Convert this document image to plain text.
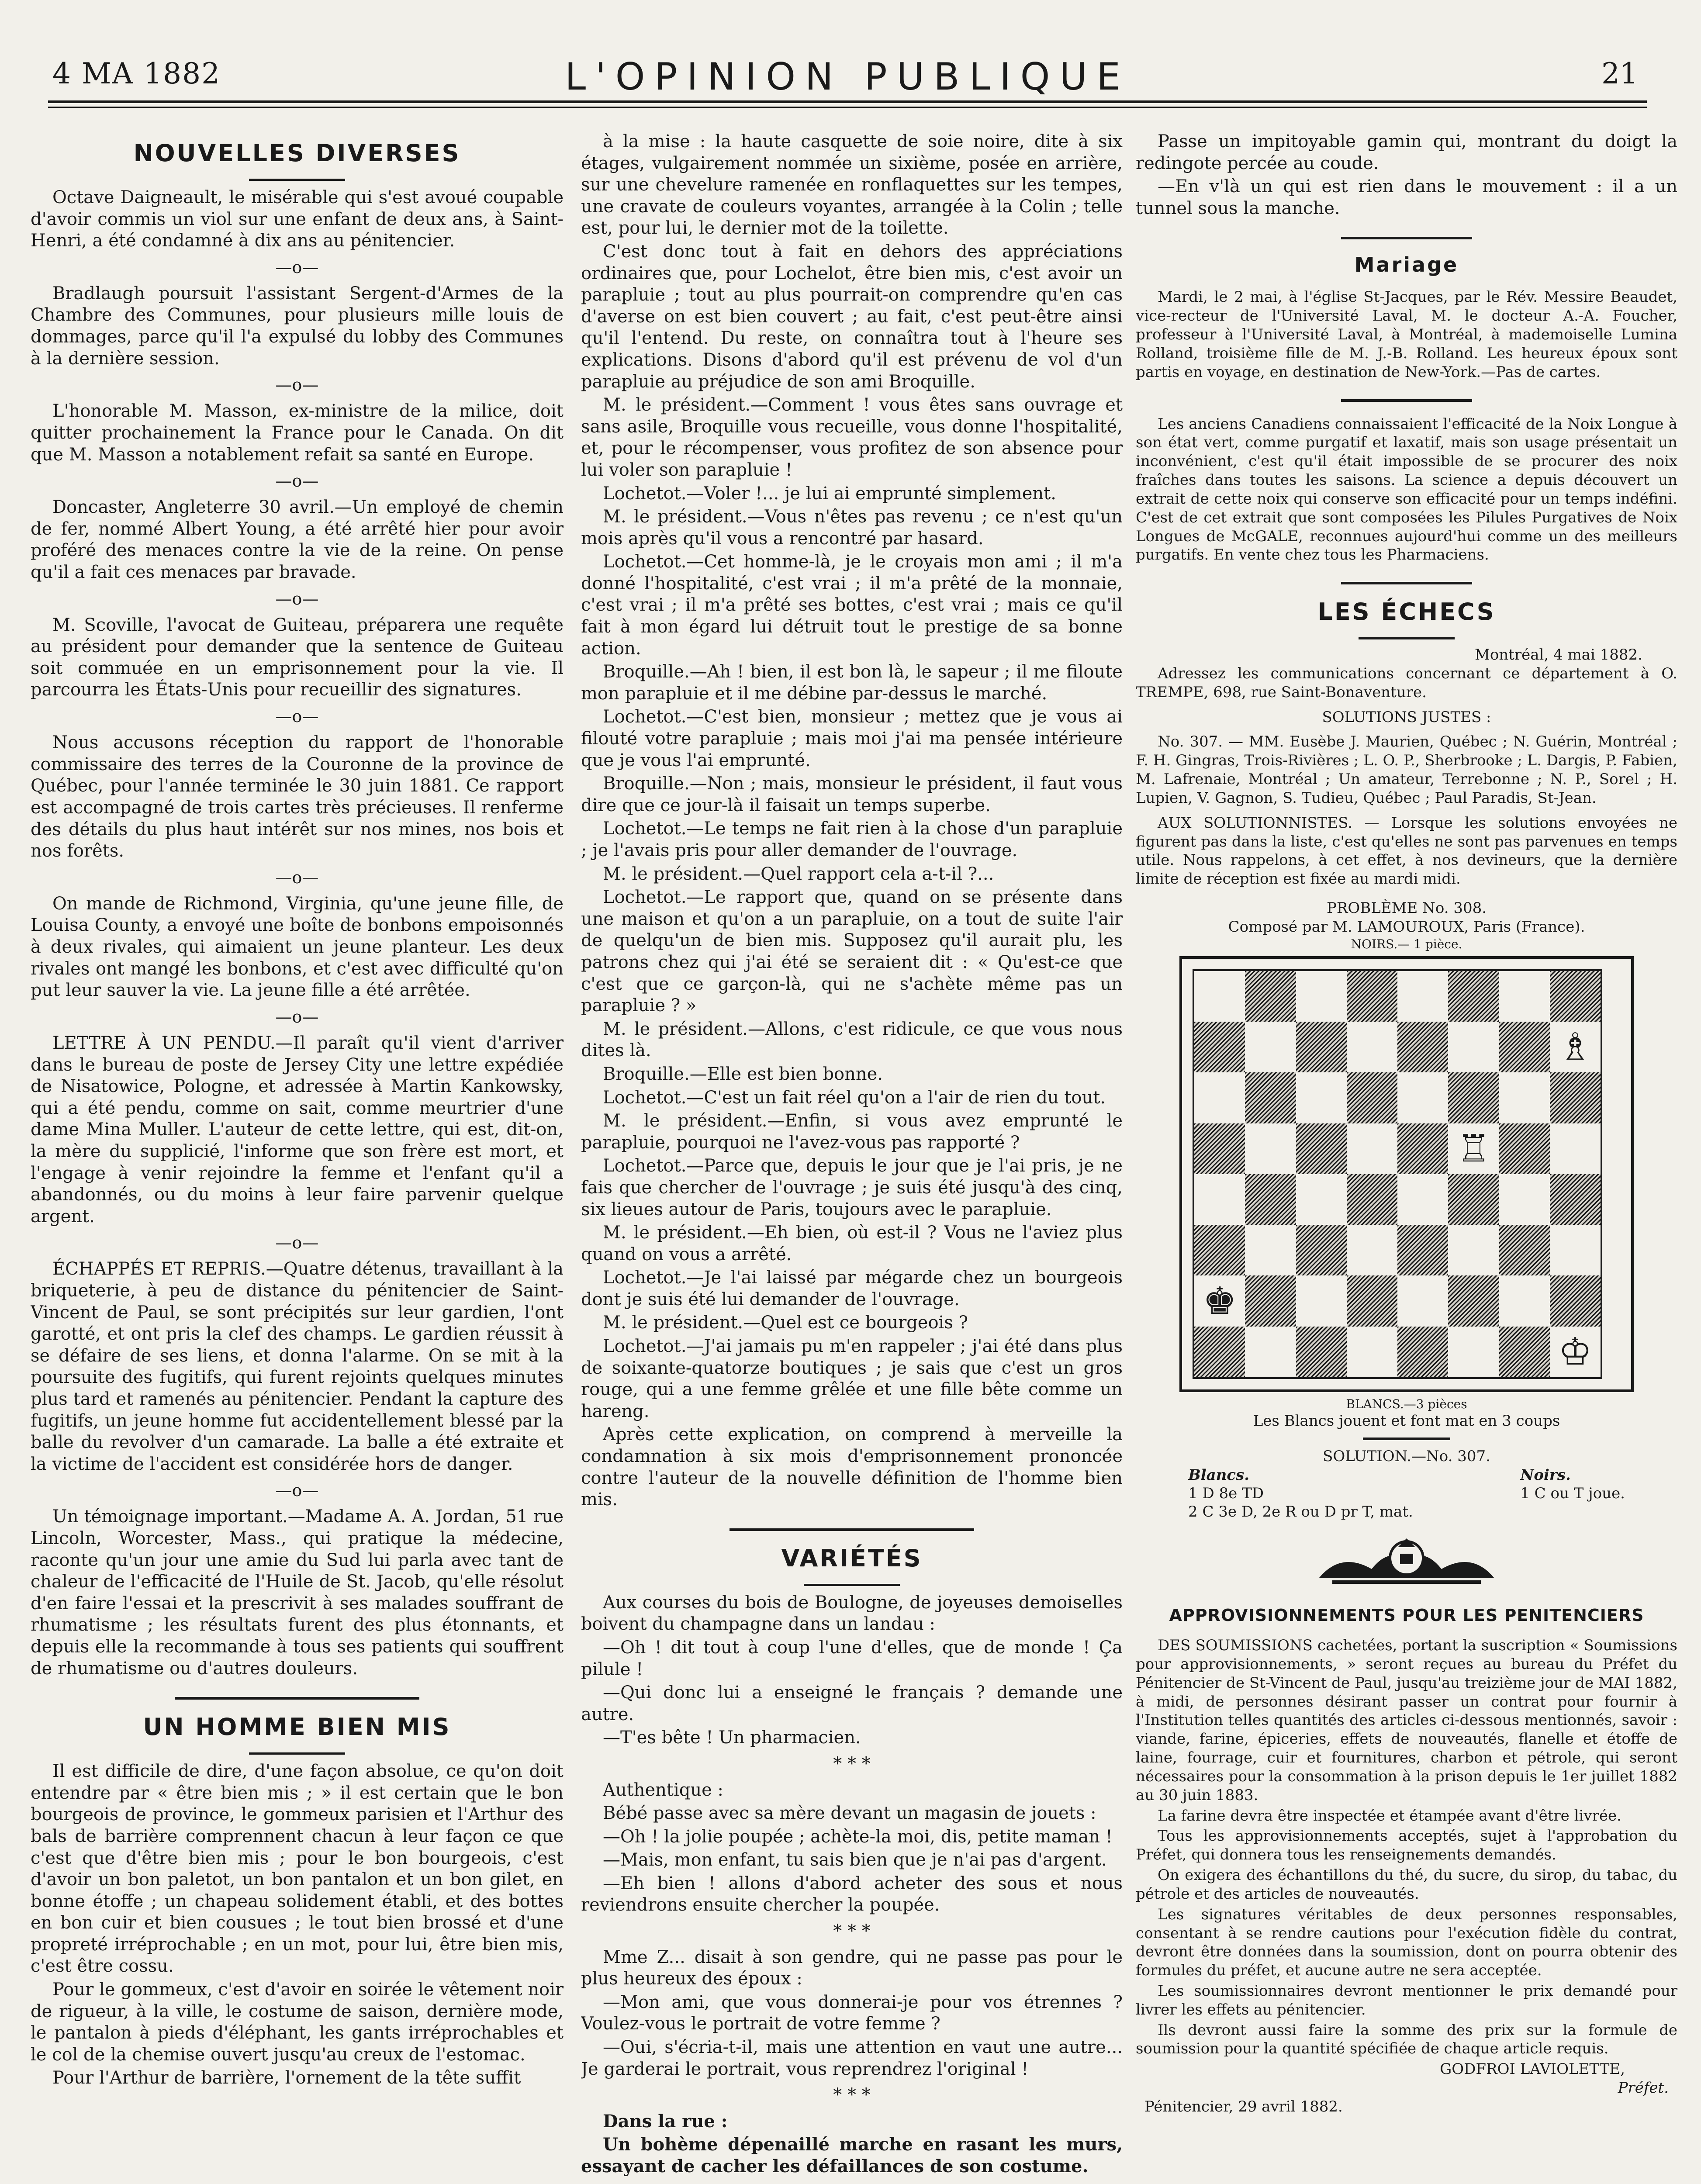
4 MA 1882	L'OPINION PUBLIQUE	21
NOUVELLES DIVERSES

Octave Daigneault, le misérable qui s'est avoué coupable d'avoir commis un viol sur une enfant de deux ans, à Saint-Henri, a été condamné à dix ans au pénitencier.

—o—

Bradlaugh poursuit l'assistant Sergent-d'Armes de la Chambre des Communes, pour plusieurs mille louis de dommages, parce qu'il l'a expulsé du lobby des Communes à la dernière session.

—o—

L'honorable M. Masson, ex-ministre de la milice, doit quitter prochainement la France pour le Canada. On dit que M. Masson a notablement refait sa santé en Europe.

—o—

Doncaster, Angleterre 30 avril.—Un employé de chemin de fer, nommé Albert Young, a été arrêté hier pour avoir proféré des menaces contre la vie de la reine. On pense qu'il a fait ces menaces par bravade.

—o—

M. Scoville, l'avocat de Guiteau, préparera une requête au président pour demander que la sentence de Guiteau soit commuée en un emprisonnement pour la vie. Il parcourra les États-Unis pour recueillir des signatures.

—o—

Nous accusons réception du rapport de l'honorable commissaire des terres de la Couronne de la province de Québec, pour l'année terminée le 30 juin 1881. Ce rapport est accompagné de trois cartes très précieuses. Il renferme des détails du plus haut intérêt sur nos mines, nos bois et nos forêts.

—o—

On mande de Richmond, Virginia, qu'une jeune fille, de Louisa County, a envoyé une boîte de bonbons empoisonnés à deux rivales, qui aimaient un jeune planteur. Les deux rivales ont mangé les bonbons, et c'est avec difficulté qu'on put leur sauver la vie. La jeune fille a été arrêtée.

—o—

LETTRE À UN PENDU.—Il paraît qu'il vient d'arriver dans le bureau de poste de Jersey City une lettre expédiée de Nisatowice, Pologne, et adressée à Martin Kankowsky, qui a été pendu, comme on sait, comme meurtrier d'une dame Mina Muller. L'auteur de cette lettre, qui est, dit-on, la mère du supplicié, l'informe que son frère est mort, et l'engage à venir rejoindre la femme et l'enfant qu'il a abandonnés, ou du moins à leur faire parvenir quelque argent.

—o—

ÉCHAPPÉS ET REPRIS.—Quatre détenus, travaillant à la briqueterie, à peu de distance du pénitencier de Saint-Vincent de Paul, se sont précipités sur leur gardien, l'ont garotté, et ont pris la clef des champs. Le gardien réussit à se défaire de ses liens, et donna l'alarme. On se mit à la poursuite des fugitifs, qui furent rejoints quelques minutes plus tard et ramenés au pénitencier. Pendant la capture des fugitifs, un jeune homme fut accidentellement blessé par la balle du revolver d'un camarade. La balle a été extraite et la victime de l'accident est considérée hors de danger.

—o—

Un témoignage important.—Madame A. A. Jordan, 51 rue Lincoln, Worcester, Mass., qui pratique la médecine, raconte qu'un jour une amie du Sud lui parla avec tant de chaleur de l'efficacité de l'Huile de St. Jacob, qu'elle résolut d'en faire l'essai et la prescrivit à ses malades souffrant de rhumatisme ; les résultats furent des plus étonnants, et depuis elle la recommande à tous ses patients qui souffrent de rhumatisme ou d'autres douleurs.

UN HOMME BIEN MIS

Il est difficile de dire, d'une façon absolue, ce qu'on doit entendre par « être bien mis ; » il est certain que le bon bourgeois de province, le gommeux parisien et l'Arthur des bals de barrière comprennent chacun à leur façon ce que c'est que d'être bien mis ; pour le bon bourgeois, c'est d'avoir un bon paletot, un bon pantalon et un bon gilet, en bonne étoffe ; un chapeau solidement établi, et des bottes en bon cuir et bien cousues ; le tout bien brossé et d'une propreté irréprochable ; en un mot, pour lui, être bien mis, c'est être cossu.

Pour le gommeux, c'est d'avoir en soirée le vêtement noir de rigueur, à la ville, le costume de saison, dernière mode, le pantalon à pieds d'éléphant, les gants irréprochables et le col de la chemise ouvert jusqu'au creux de l'estomac.

Pour l'Arthur de barrière, l'ornement de la tête suffit

à la mise : la haute casquette de soie noire, dite à six étages, vulgairement nommée un sixième, posée en arrière, sur une chevelure ramenée en ronflaquettes sur les tempes, une cravate de couleurs voyantes, arrangée à la Colin ; telle est, pour lui, le dernier mot de la toilette.

C'est donc tout à fait en dehors des appréciations ordinaires que, pour Lochelot, être bien mis, c'est avoir un parapluie ; tout au plus pourrait-on comprendre qu'en cas d'averse on est bien couvert ; au fait, c'est peut-être ainsi qu'il l'entend. Du reste, on connaîtra tout à l'heure ses explications. Disons d'abord qu'il est prévenu de vol d'un parapluie au préjudice de son ami Broquille.

M. le président.—Comment ! vous êtes sans ouvrage et sans asile, Broquille vous recueille, vous donne l'hospitalité, et, pour le récompenser, vous profitez de son absence pour lui voler son parapluie !

Lochetot.—Voler !... je lui ai emprunté simplement.

M. le président.—Vous n'êtes pas revenu ; ce n'est qu'un mois après qu'il vous a rencontré par hasard.

Lochetot.—Cet homme-là, je le croyais mon ami ; il m'a donné l'hospitalité, c'est vrai ; il m'a prêté de la monnaie, c'est vrai ; il m'a prêté ses bottes, c'est vrai ; mais ce qu'il fait à mon égard lui détruit tout le prestige de sa bonne action.

Broquille.—Ah ! bien, il est bon là, le sapeur ; il me filoute mon parapluie et il me débine par-dessus le marché.

Lochetot.—C'est bien, monsieur ; mettez que je vous ai filouté votre parapluie ; mais moi j'ai ma pensée intérieure que je vous l'ai emprunté.

Broquille.—Non ; mais, monsieur le président, il faut vous dire que ce jour-là il faisait un temps superbe.

Lochetot.—Le temps ne fait rien à la chose d'un parapluie ; je l'avais pris pour aller demander de l'ouvrage.

M. le président.—Quel rapport cela a-t-il ?...

Lochetot.—Le rapport que, quand on se présente dans une maison et qu'on a un parapluie, on a tout de suite l'air de quelqu'un de bien mis. Supposez qu'il aurait plu, les patrons chez qui j'ai été se seraient dit : « Qu'est-ce que c'est que ce garçon-là, qui ne s'achète même pas un parapluie ? »

M. le président.—Allons, c'est ridicule, ce que vous nous dites là.

Broquille.—Elle est bien bonne.

Lochetot.—C'est un fait réel qu'on a l'air de rien du tout.

M. le président.—Enfin, si vous avez emprunté le parapluie, pourquoi ne l'avez-vous pas rapporté ?

Lochetot.—Parce que, depuis le jour que je l'ai pris, je ne fais que chercher de l'ouvrage ; je suis été jusqu'à des cinq, six lieues autour de Paris, toujours avec le parapluie.

M. le président.—Eh bien, où est-il ? Vous ne l'aviez plus quand on vous a arrêté.

Lochetot.—Je l'ai laissé par mégarde chez un bourgeois dont je suis été lui demander de l'ouvrage.

M. le président.—Quel est ce bourgeois ?

Lochetot.—J'ai jamais pu m'en rappeler ; j'ai été dans plus de soixante-quatorze boutiques ; je sais que c'est un gros rouge, qui a une femme grêlée et une fille bête comme un hareng.

Après cette explication, on comprend à merveille la condamnation à six mois d'emprisonnement prononcée contre l'auteur de la nouvelle définition de l'homme bien mis.

VARIÉTÉS

Aux courses du bois de Boulogne, de joyeuses demoiselles boivent du champagne dans un landau :

—Oh ! dit tout à coup l'une d'elles, que de monde ! Ça pilule !

—Qui donc lui a enseigné le français ? demande une autre.

—T'es bête ! Un pharmacien.

* * *

Authentique :

Bébé passe avec sa mère devant un magasin de jouets :

—Oh ! la jolie poupée ; achète-la moi, dis, petite maman !

—Mais, mon enfant, tu sais bien que je n'ai pas d'argent.

—Eh bien ! allons d'abord acheter des sous et nous reviendrons ensuite chercher la poupée.

* * *

Mme Z... disait à son gendre, qui ne passe pas pour le plus heureux des époux :

—Mon ami, que vous donnerai-je pour vos étrennes ? Voulez-vous le portrait de votre femme ?

—Oui, s'écria-t-il, mais une attention en vaut une autre... Je garderai le portrait, vous reprendrez l'original !

* * *

Dans la rue :

Un bohème dépenaillé marche en rasant les murs, essayant de cacher les défaillances de son costume.

Passe un impitoyable gamin qui, montrant du doigt la redingote percée au coude.

—En v'là un qui est rien dans le mouvement : il a un tunnel sous la manche.

Mariage

Mardi, le 2 mai, à l'église St-Jacques, par le Rév. Messire Beaudet, vice-recteur de l'Université Laval, M. le docteur A.-A. Foucher, professeur à l'Université Laval, à Montréal, à mademoiselle Lumina Rolland, troisième fille de M. J.-B. Rolland. Les heureux époux sont partis en voyage, en destination de New-York.—Pas de cartes.

Les anciens Canadiens connaissaient l'efficacité de la Noix Longue à son état vert, comme purgatif et laxatif, mais son usage présentait un inconvénient, c'est qu'il était impossible de se procurer des noix fraîches dans toutes les saisons. La science a depuis découvert un extrait de cette noix qui conserve son efficacité pour un temps indéfini. C'est de cet extrait que sont composées les Pilules Purgatives de Noix Longues de McGALE, reconnues aujourd'hui comme un des meilleurs purgatifs. En vente chez tous les Pharmaciens.

LES ÉCHECS
Montréal, 4 mai 1882.

Adressez les communications concernant ce département à O. TREMPE, 698, rue Saint-Bonaventure.

SOLUTIONS JUSTES :

No. 307. — MM. Eusèbe J. Maurien, Québec ; N. Guérin, Montréal ; F. H. Gingras, Trois-Rivières ; L. O. P., Sherbrooke ; L. Dargis, P. Fabien, M. Lafrenaie, Montréal ; Un amateur, Terrebonne ; N. P., Sorel ; H. Lupien, V. Gagnon, S. Tudieu, Québec ; Paul Paradis, St-Jean.

AUX SOLUTIONNISTES. — Lorsque les solutions envoyées ne figurent pas dans la liste, c'est qu'elles ne sont pas parvenues en temps utile. Nous rappelons, à cet effet, à nos devineurs, que la dernière limite de réception est fixée au mardi midi.

PROBLÈME No. 308.
Composé par M. LAMOUROUX, Paris (France).
NOIRS.— 1 pièce.
♗
♖
♚
♔
BLANCS.—3 pièces
Les Blancs jouent et font mat en 3 coups
SOLUTION.—No. 307.
Blancs.
1 D 8e TD
2 C 3e D, 2e R ou D pr T, mat.
Noirs.
1 C ou T joue.
APPROVISIONNEMENTS POUR LES PENITENCIERS

DES SOUMISSIONS cachetées, portant la suscription « Soumissions pour approvisionnements, » seront reçues au bureau du Préfet du Pénitencier de St-Vincent de Paul, jusqu'au treizième jour de MAI 1882, à midi, de personnes désirant passer un contrat pour fournir à l'Institution telles quantités des articles ci-dessous mentionnés, savoir : viande, farine, épiceries, effets de nouveautés, flanelle et étoffe de laine, fourrage, cuir et fournitures, charbon et pétrole, qui seront nécessaires pour la consommation à la prison depuis le 1er juillet 1882 au 30 juin 1883.

La farine devra être inspectée et étampée avant d'être livrée.

Tous les approvisionnements acceptés, sujet à l'approbation du Préfet, qui donnera tous les renseignements demandés.

On exigera des échantillons du thé, du sucre, du sirop, du tabac, du pétrole et des articles de nouveautés.

Les signatures véritables de deux personnes responsables, consentant à se rendre cautions pour l'exécution fidèle du contrat, devront être données dans la soumission, dont on pourra obtenir des formules du préfet, et aucune autre ne sera acceptée.

Les soumissionnaires devront mentionner le prix demandé pour livrer les effets au pénitencier.

Ils devront aussi faire la somme des prix sur la formule de soumission pour la quantité spécifiée de chaque article requis.

GODFROI LAVIOLETTE,
Préfet.
Pénitencier, 29 avril 1882.
